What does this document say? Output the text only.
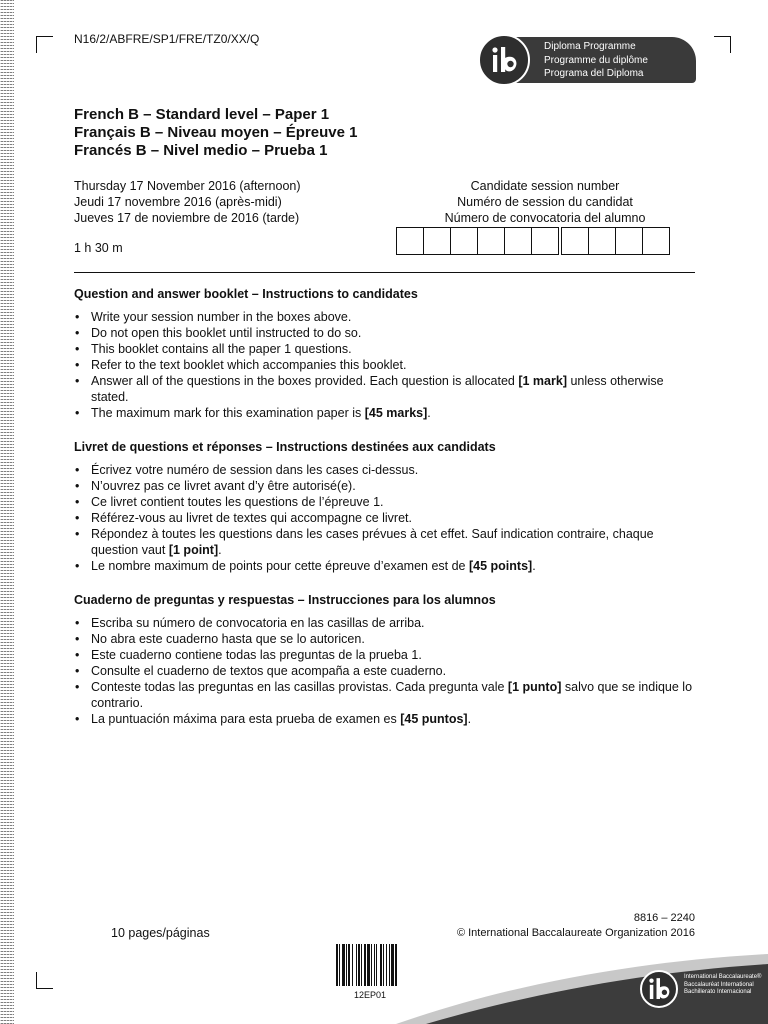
N16/2/ABFRE/SP1/FRE/TZ0/XX/Q
Diploma Programme
Programme du diplôme
Programa del Diploma
French B – Standard level – Paper 1
Français B – Niveau moyen – Épreuve 1
Francés B – Nivel medio – Prueba 1
Thursday 17 November 2016 (afternoon)
Jeudi 17 novembre 2016 (après-midi)
Jueves 17 de noviembre de 2016 (tarde)
1 h 30 m
Candidate session number
Numéro de session du candidat
Número de convocatoria del alumno
Question and answer booklet – Instructions to candidates
• Write your session number in the boxes above.
• Do not open this booklet until instructed to do so.
• This booklet contains all the paper 1 questions.
• Refer to the text booklet which accompanies this booklet.
• Answer all of the questions in the boxes provided. Each question is allocated [1 mark] unless otherwise stated.
• The maximum mark for this examination paper is [45 marks].
Livret de questions et réponses – Instructions destinées aux candidats
• Écrivez votre numéro de session dans les cases ci-dessus.
• N’ouvrez pas ce livret avant d’y être autorisé(e).
• Ce livret contient toutes les questions de l’épreuve 1.
• Référez-vous au livret de textes qui accompagne ce livret.
• Répondez à toutes les questions dans les cases prévues à cet effet. Sauf indication contraire, chaque question vaut [1 point].
• Le nombre maximum de points pour cette épreuve d’examen est de [45 points].
Cuaderno de preguntas y respuestas – Instrucciones para los alumnos
• Escriba su número de convocatoria en las casillas de arriba.
• No abra este cuaderno hasta que se lo autoricen.
• Este cuaderno contiene todas las preguntas de la prueba 1.
• Consulte el cuaderno de textos que acompaña a este cuaderno.
• Conteste todas las preguntas en las casillas provistas. Cada pregunta vale [1 punto] salvo que se indique lo contrario.
• La puntuación máxima para esta prueba de examen es [45 puntos].
8816 – 2240
10 pages/páginas	© International Baccalaureate Organization 2016
12EP01
International Baccalaureate®
Baccalauréat International
Bachillerato Internacional
